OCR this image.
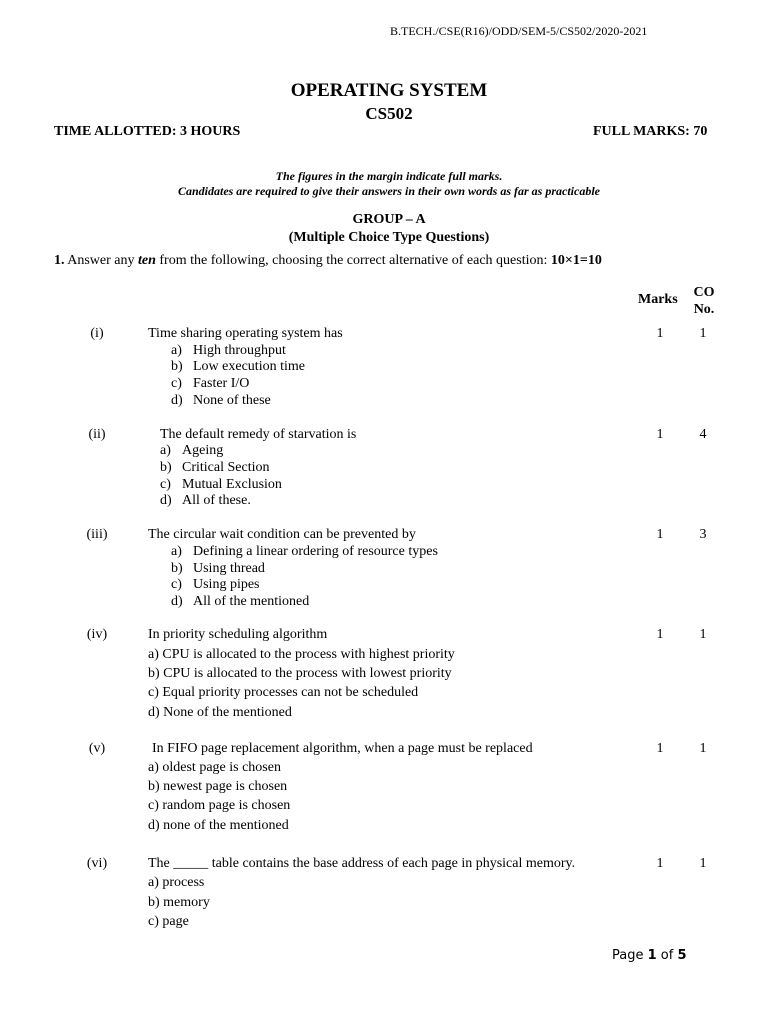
B.TECH./CSE(R16)/ODD/SEM-5/CS502/2020-2021
OPERATING SYSTEM
CS502
TIME ALLOTTED: 3 HOURS	FULL MARKS: 70
The figures in the margin indicate full marks.
Candidates are required to give their answers in their own words as far as practicable
GROUP – A
(Multiple Choice Type Questions)
1. Answer any ten from the following, choosing the correct alternative of each question: 10×1=10
Marks CO No.
(i)	Time sharing operating system has	1	1
a) High throughput
b) Low execution time
c) Faster I/O
d) None of these
(ii)	The default remedy of starvation is	1	4
a) Ageing
b) Critical Section
c) Mutual Exclusion
d) All of these.
(iii)	The circular wait condition can be prevented by	1	3
a) Defining a linear ordering of resource types
b) Using thread
c) Using pipes
d) All of the mentioned
(iv)	In priority scheduling algorithm	1	1
a) CPU is allocated to the process with highest priority
b) CPU is allocated to the process with lowest priority
c) Equal priority processes can not be scheduled
d) None of the mentioned
(v)	In FIFO page replacement algorithm, when a page must be replaced	1	1
a) oldest page is chosen
b) newest page is chosen
c) random page is chosen
d) none of the mentioned
(vi)	The _____ table contains the base address of each page in physical memory.	1	1
a) process
b) memory
c) page
Page 1 of 5
